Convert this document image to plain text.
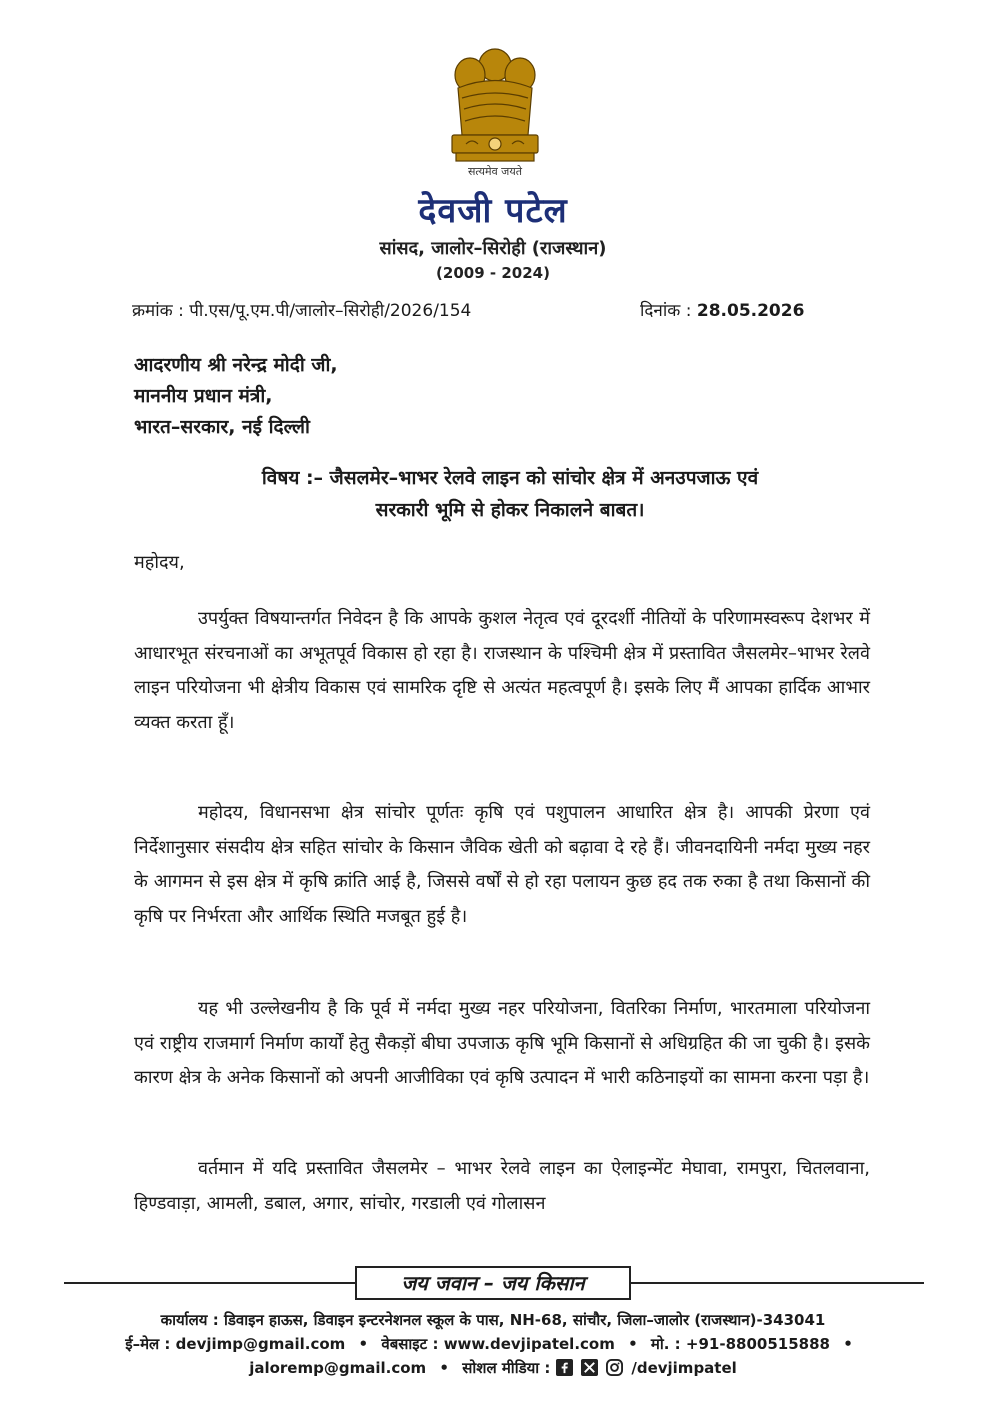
सत्यमेव जयते
देवजी पटेल
सांसद, जालोर–सिरोही (राजस्थान)
(2009 - 2024)
क्रमांक : पी.एस/पू.एम.पी/जालोर–सिरोही/2026/154	दिनांक : 28.05.2026
आदरणीय श्री नरेन्द्र मोदी जी,
माननीय प्रधान मंत्री,
भारत–सरकार, नई दिल्ली
विषय :– जैसलमेर–भाभर रेलवे लाइन को सांचोर क्षेत्र में अनउपजाऊ एवं
सरकारी भूमि से होकर निकालने बाबत।
महोदय,

उपर्युक्त विषयान्तर्गत निवेदन है कि आपके कुशल नेतृत्व एवं दूरदर्शी नीतियों के परिणामस्वरूप देशभर में आधारभूत संरचनाओं का अभूतपूर्व विकास हो रहा है। राजस्थान के पश्चिमी क्षेत्र में प्रस्तावित जैसलमेर–भाभर रेलवे लाइन परियोजना भी क्षेत्रीय विकास एवं सामरिक दृष्टि से अत्यंत महत्वपूर्ण है। इसके लिए मैं आपका हार्दिक आभार व्यक्त करता हूँ।

महोदय, विधानसभा क्षेत्र सांचोर पूर्णतः कृषि एवं पशुपालन आधारित क्षेत्र है। आपकी प्रेरणा एवं निर्देशानुसार संसदीय क्षेत्र सहित सांचोर के किसान जैविक खेती को बढ़ावा दे रहे हैं। जीवनदायिनी नर्मदा मुख्य नहर के आगमन से इस क्षेत्र में कृषि क्रांति आई है, जिससे वर्षों से हो रहा पलायन कुछ हद तक रुका है तथा किसानों की कृषि पर निर्भरता और आर्थिक स्थिति मजबूत हुई है।

यह भी उल्लेखनीय है कि पूर्व में नर्मदा मुख्य नहर परियोजना, वितरिका निर्माण, भारतमाला परियोजना एवं राष्ट्रीय राजमार्ग निर्माण कार्यों हेतु सैकड़ों बीघा उपजाऊ कृषि भूमि किसानों से अधिग्रहित की जा चुकी है। इसके कारण क्षेत्र के अनेक किसानों को अपनी आजीविका एवं कृषि उत्पादन में भारी कठिनाइयों का सामना करना पड़ा है।

वर्तमान में यदि प्रस्तावित जैसलमेर – भाभर रेलवे लाइन का ऐलाइन्मेंट मेघावा, रामपुरा, चितलवाना, हिण्डवाड़ा, आमली, डबाल, अगार, सांचोर, गरडाली एवं गोलासन

जय जवान – जय किसान
कार्यालय : डिवाइन हाऊस, डिवाइन इन्टरनेशनल स्कूल के पास, NH-68, सांचौर, जिला–जालोर (राजस्थान)-343041
ई–मेल : devjimp@gmail.com • वेबसाइट : www.devjipatel.com • मो. : +91-8800515888 •
jaloremp@gmail.com • सोशल मीडिया :	/devjimpatel
